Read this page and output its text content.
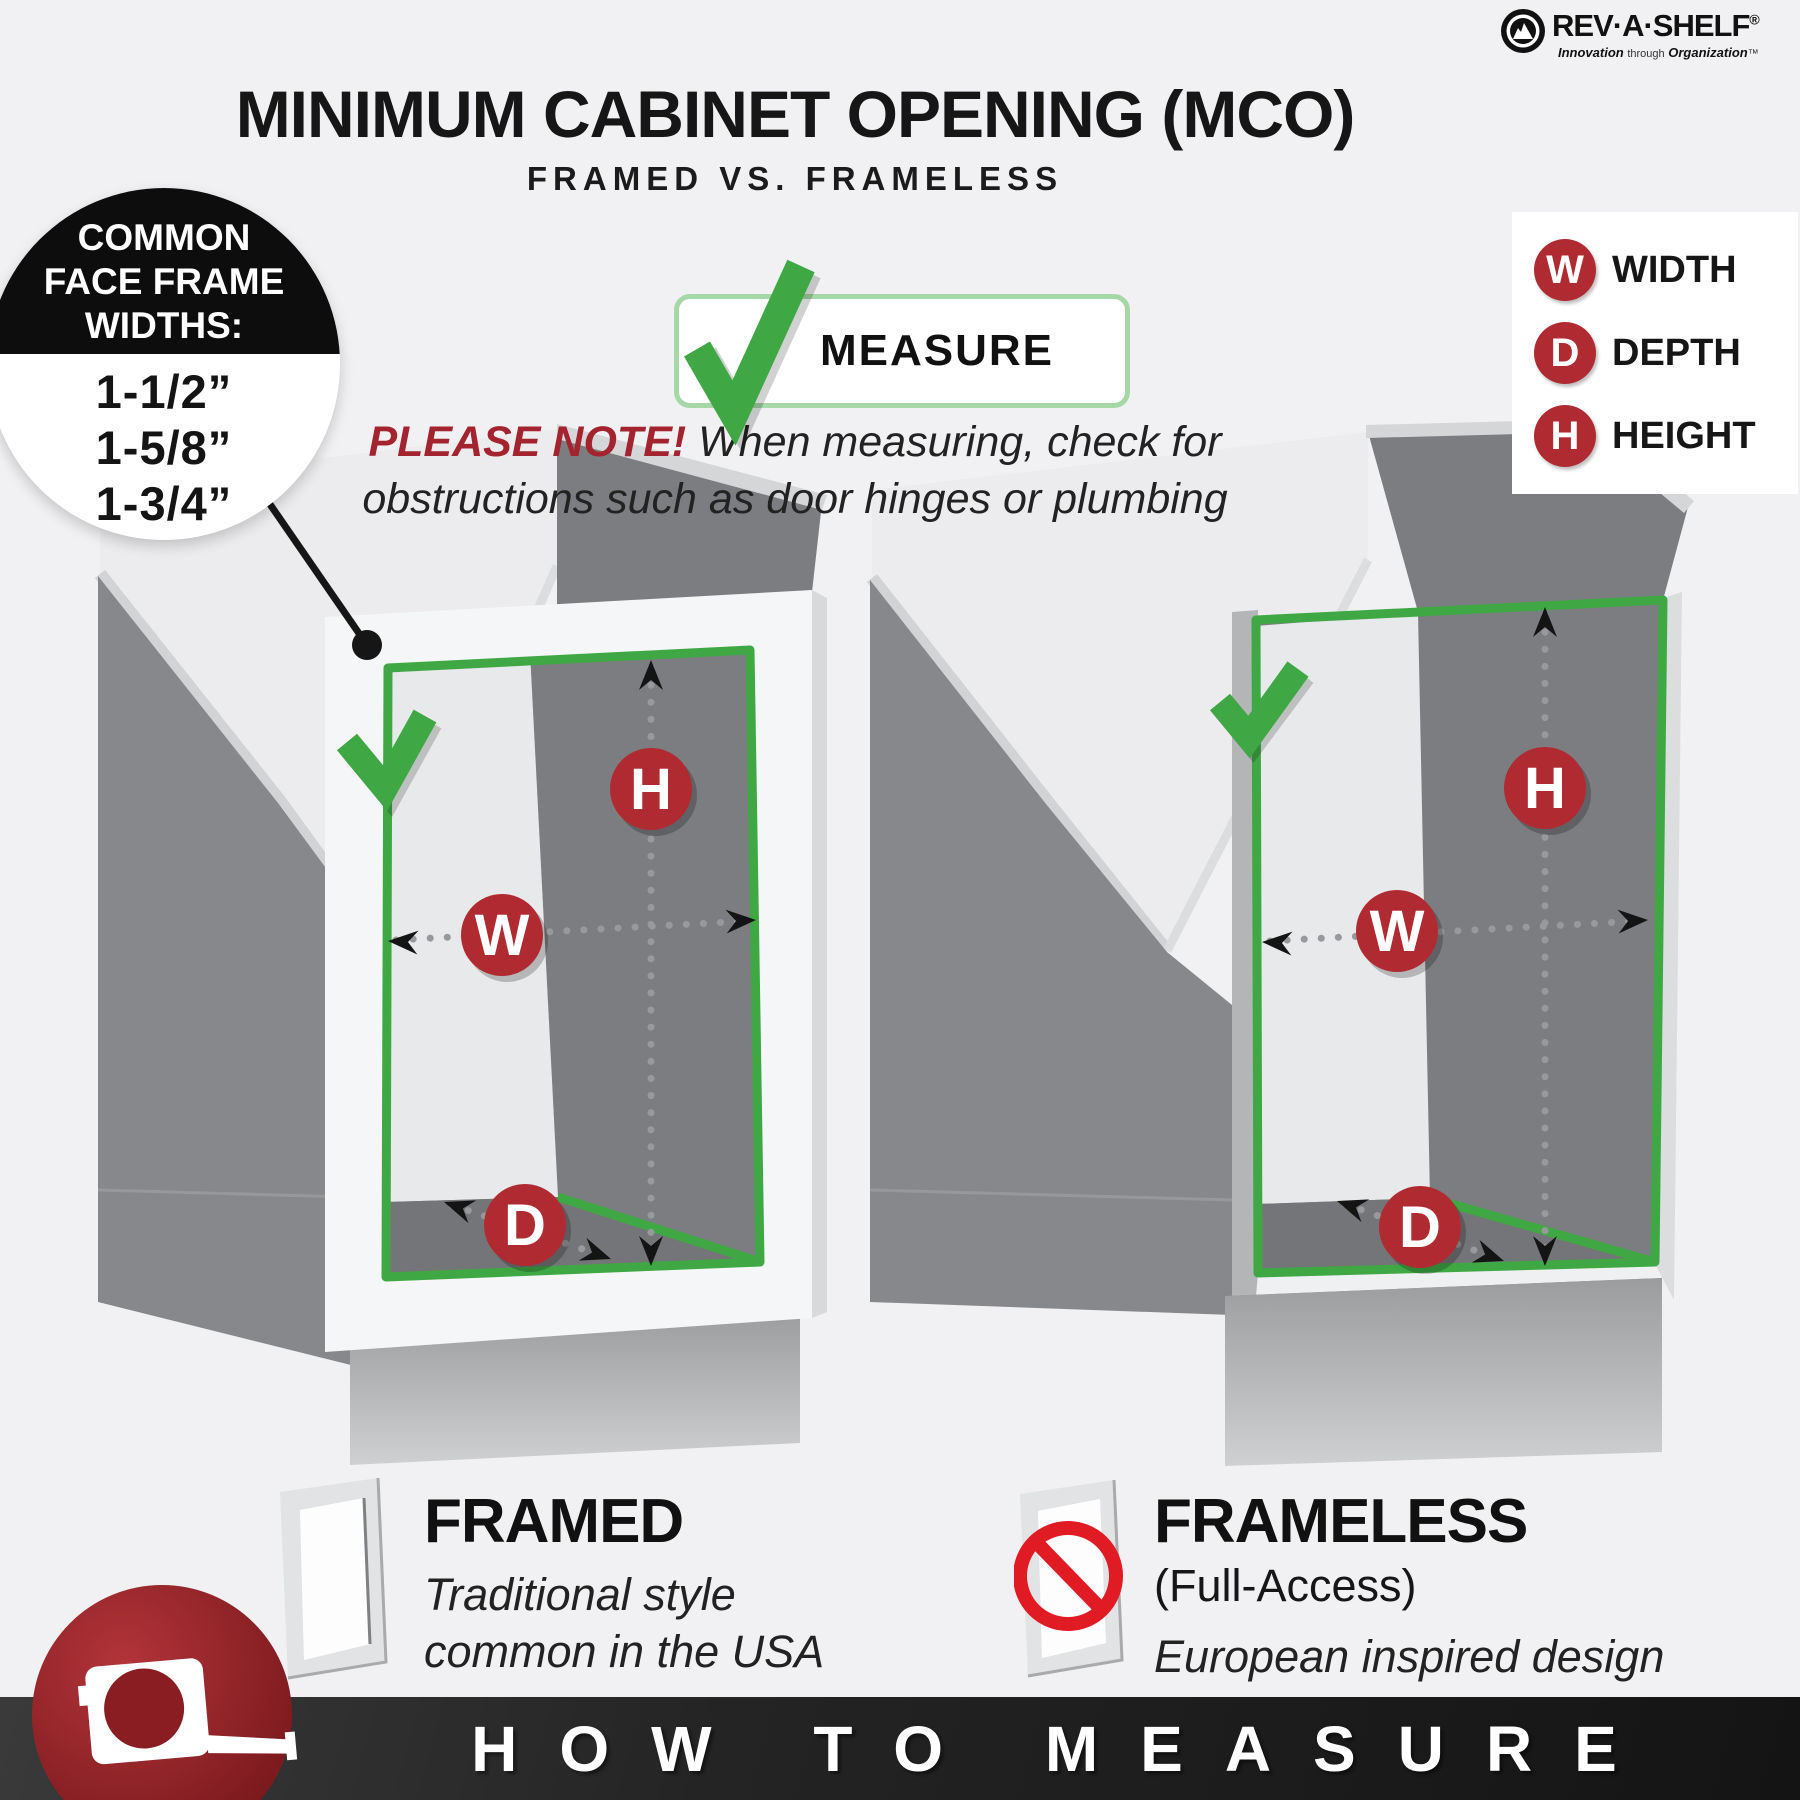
W
H
D
W
H
D
REV·A·SHELF®
Innovation through Organization™
MINIMUM CABINET OPENING (MCO)
FRAMED VS. FRAMELESS
COMMON
FACE FRAME
WIDTHS:
1-1/2”
1-5/8”
1-3/4”
MEASURE
PLEASE NOTE! When measuring, check for
obstructions such as door hinges or plumbing
W WIDTH
D DEPTH
H HEIGHT
FRAMED
Traditional style
common in the USA
FRAMELESS
(Full-Access)
European inspired design
HOW TO MEASURE
